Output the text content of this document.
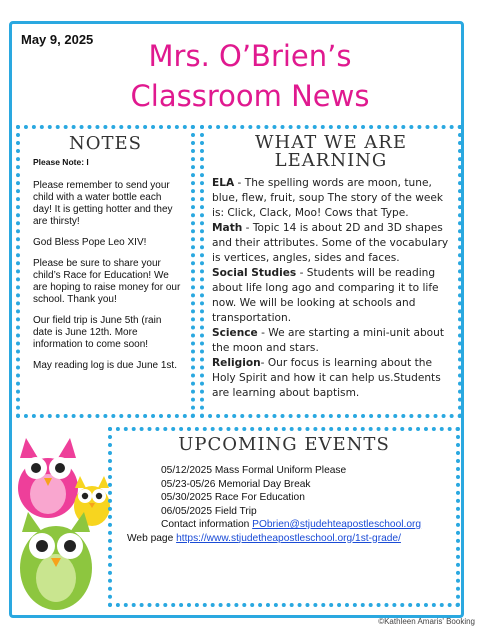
May 9, 2025	Mrs. O’Brien’s
Classroom News
NOTES

Please Note: l

Please remember to send your child with a water bottle each day! It is getting hotter and they are thirsty!

God Bless Pope Leo XIV!

Please be sure to share your child’s Race for Education! We are hoping to raise money for our school. Thank you!

Our field trip is June 5th (rain date is June 12th. More information to come soon!

May reading log is due June 1st.

WHAT WE ARE
LEARNING

ELA - The spelling words are moon, tune, blue, flew, fruit, soup The story of the week is: Click, Clack, Moo! Cows that Type.

Math - Topic 14 is about 2D and 3D shapes and their attributes. Some of the vocabulary is vertices, angles, sides and faces.

Social Studies - Students will be reading about life long ago and comparing it to life now. We will be looking at schools and transportation.

Science - We are starting a mini-unit about the moon and stars.

Religion- Our focus is learning about the Holy Spirit and how it can help us.Students are learning about baptism.

UPCOMING EVENTS
05/12/2025 Mass Formal Uniform Please
05/23-05/26 Memorial Day Break
05/30/2025 Race For Education
06/05/2025 Field Trip
Contact information PObrien@stjudehteapostleschool.org
Web page https://www.stjudetheapostleschool.org/1st-grade/
©Kathleen Amaris' Booking
